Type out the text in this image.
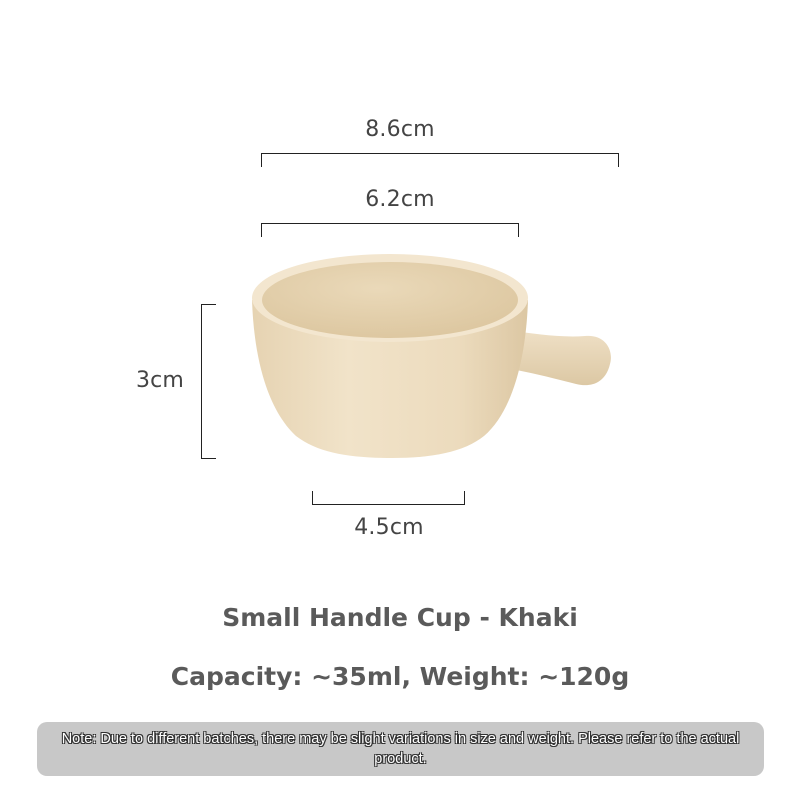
8.6cm
6.2cm
3cm
4.5cm
Small Handle Cup - Khaki
Capacity: ~35ml, Weight: ~120g
Note: Due to different batches, there may be slight variations in size and weight. Please refer to the actual product.
